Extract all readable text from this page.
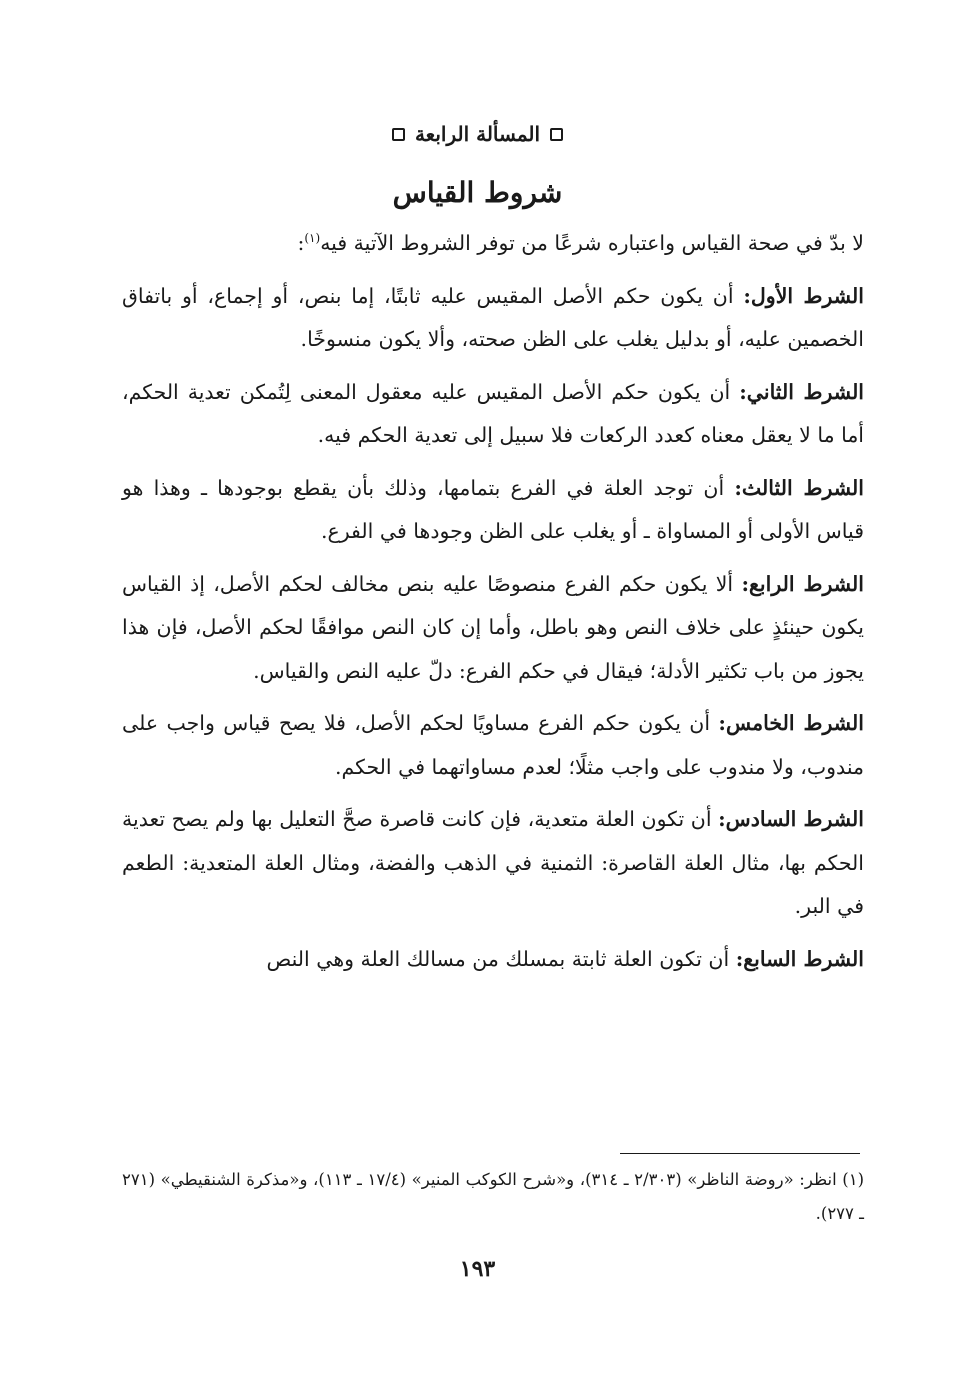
المسألة الرابعة
شروط القياس

لا بدّ في صحة القياس واعتباره شرعًا من توفر الشروط الآتية فيه$^{(١)}$:

الشرط الأول: أن يكون حكم الأصل المقيس عليه ثابتًا، إما بنص، أو إجماع، أو باتفاق الخصمين عليه، أو بدليل يغلب على الظن صحته، وألا يكون منسوخًا.

الشرط الثاني: أن يكون حكم الأصل المقيس عليه معقول المعنى لِتُمكن تعدية الحكم، أما ما لا يعقل معناه كعدد الركعات فلا سبيل إلى تعدية الحكم فيه.

الشرط الثالث: أن توجد العلة في الفرع بتمامها، وذلك بأن يقطع بوجودها ـ وهذا هو قياس الأولى أو المساواة ـ أو يغلب على الظن وجودها في الفرع.

الشرط الرابع: ألا يكون حكم الفرع منصوصًا عليه بنص مخالف لحكم الأصل، إذ القياس يكون حينئذٍ على خلاف النص وهو باطل، وأما إن كان النص موافقًا لحكم الأصل، فإن هذا يجوز من باب تكثير الأدلة؛ فيقال في حكم الفرع: دلّ عليه النص والقياس.

الشرط الخامس: أن يكون حكم الفرع مساويًا لحكم الأصل، فلا يصح قياس واجب على مندوب، ولا مندوب على واجب مثلًا؛ لعدم مساواتهما في الحكم.

الشرط السادس: أن تكون العلة متعدية، فإن كانت قاصرة صحَّ التعليل بها ولم يصح تعدية الحكم بها، مثال العلة القاصرة: الثمنية في الذهب والفضة، ومثال العلة المتعدية: الطعم في البر.

الشرط السابع: أن تكون العلة ثابتة بمسلك من مسالك العلة وهي النص

(١) انظر: «روضة الناظر» (٢/٣٠٣ ـ ٣١٤)، و«شرح الكوكب المنير» (١٧/٤ ـ ١١٣)، و«مذكرة الشنقيطي» (٢٧١ ـ ٢٧٧).

١٩٣
